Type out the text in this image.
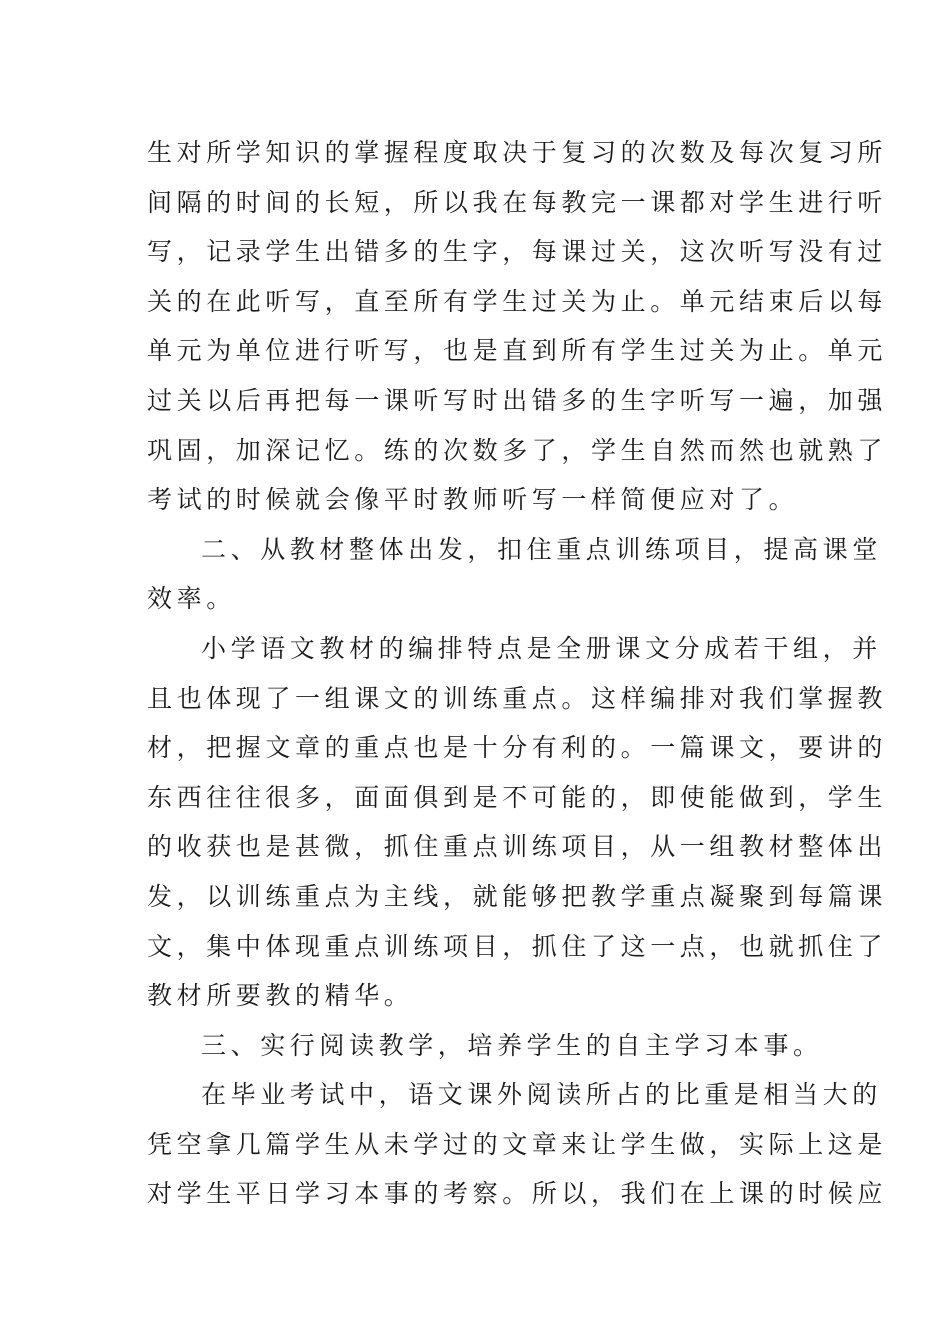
生对所学知识的掌握程度取决于复习的次数及每次复习所

间隔的时间的长短，所以我在每教完一课都对学生进行听

写，记录学生出错多的生字，每课过关，这次听写没有过

关的在此听写，直至所有学生过关为止。单元结束后以每

单元为单位进行听写，也是直到所有学生过关为止。单元

过关以后再把每一课听写时出错多的生字听写一遍，加强

巩固，加深记忆。练的次数多了，学生自然而然也就熟了

考试的时候就会像平时教师听写一样简便应对了。

二、从教材整体出发，扣住重点训练项目，提高课堂

效率。

小学语文教材的编排特点是全册课文分成若干组，并

且也体现了一组课文的训练重点。这样编排对我们掌握教

材，把握文章的重点也是十分有利的。一篇课文，要讲的

东西往往很多，面面俱到是不可能的，即使能做到，学生

的收获也是甚微，抓住重点训练项目，从一组教材整体出

发，以训练重点为主线，就能够把教学重点凝聚到每篇课

文，集中体现重点训练项目，抓住了这一点，也就抓住了

教材所要教的精华。

三、实行阅读教学，培养学生的自主学习本事。

在毕业考试中，语文课外阅读所占的比重是相当大的

凭空拿几篇学生从未学过的文章来让学生做，实际上这是

对学生平日学习本事的考察。所以，我们在上课的时候应
